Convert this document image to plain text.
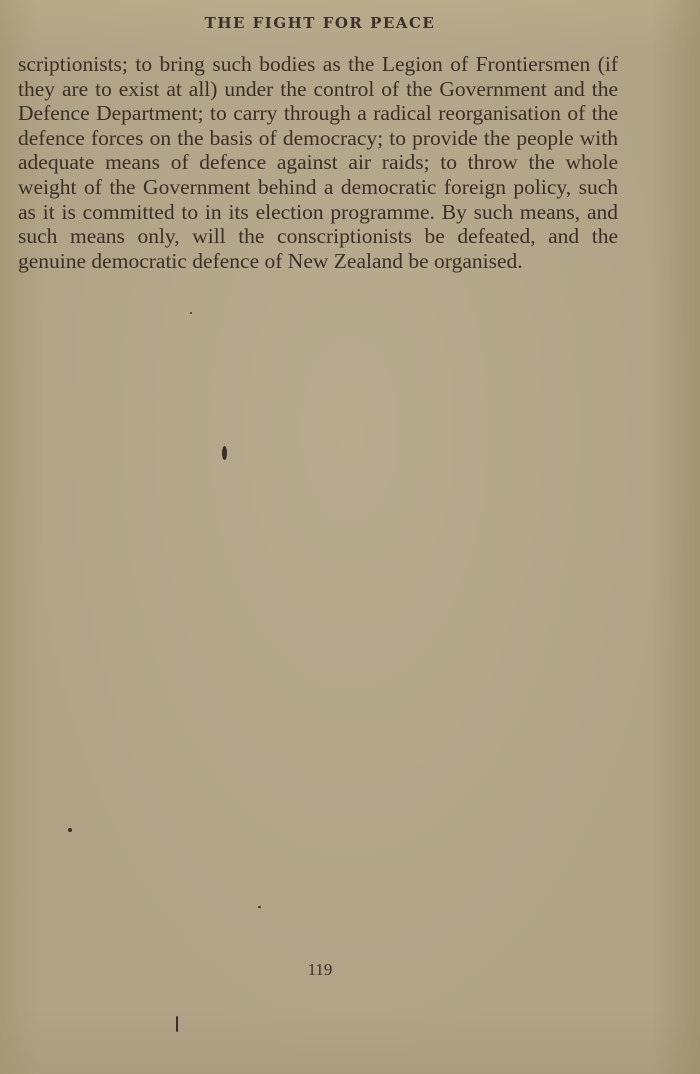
THE FIGHT FOR PEACE

scriptionists; to bring such bodies as the Legion of Frontiersmen (if they are to exist at all) under the control of the Government and the Defence Department; to carry through a radical reorganisation of the defence forces on the basis of democracy; to provide the people with adequate means of defence against air raids; to throw the whole weight of the Government behind a democratic foreign policy, such as it is committed to in its election programme. By such means, and such means only, will the conscriptionists be defeated, and the genuine democratic defence of New Zealand be organised.

119
